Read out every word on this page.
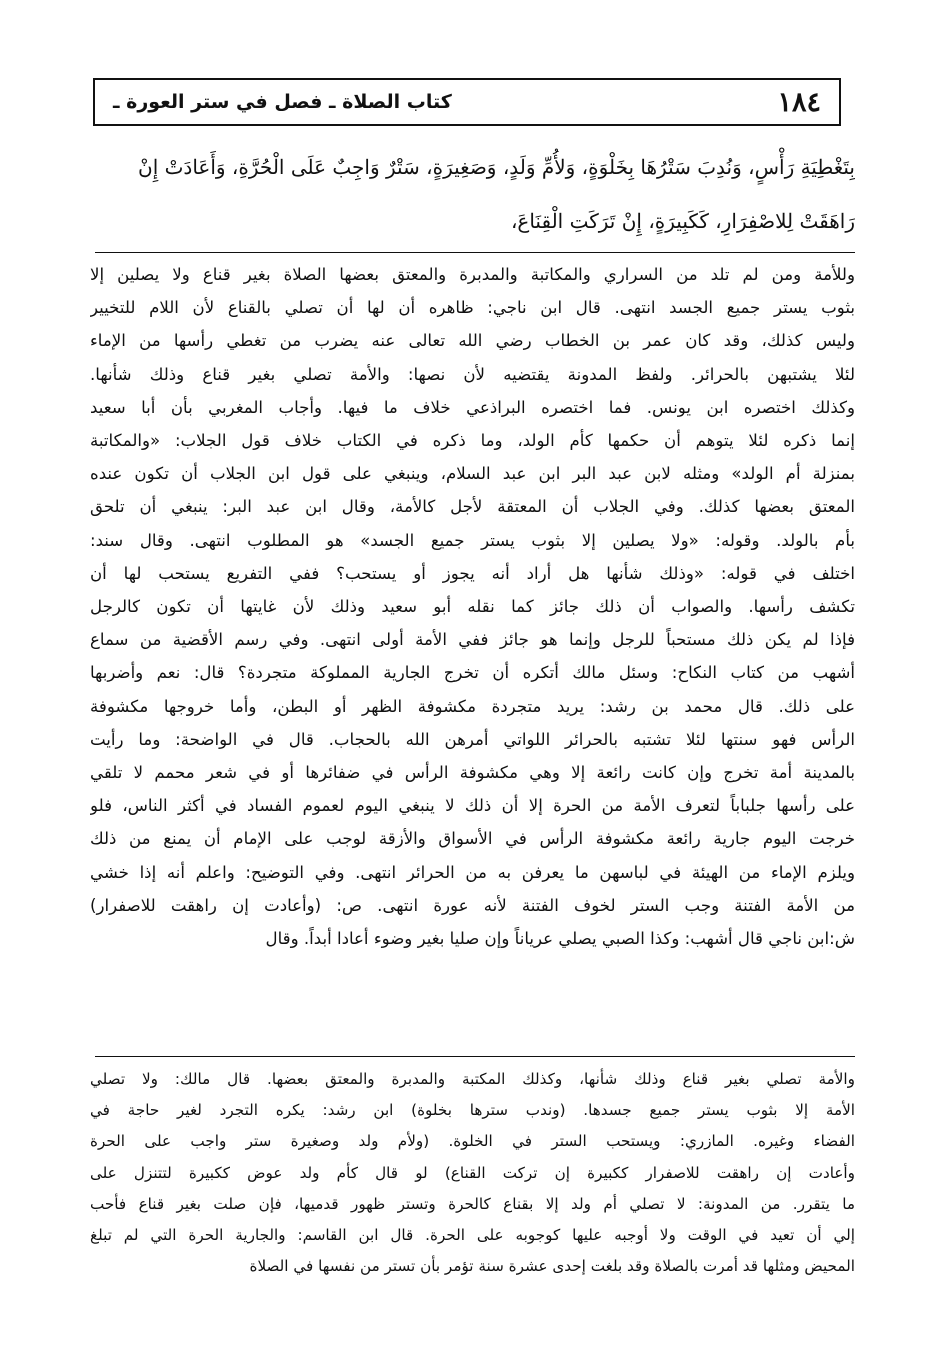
١٨٤
كتاب الصلاة ـ فصل في ستر العورة ـ
بِتَغْطِيَةِ رَأْسٍ، وَنُدِبَ سَتْرُهَا بِخَلْوَةٍ، وَلأُمِّ وَلَدٍ، وَصَغِيرَةٍ، سَتْرٌ وَاجِبٌ عَلَى الْحُرَّةِ، وَأَعَادَتْ إِنْ
رَاهَقَتْ لِلاصْفِرَارِ، كَكَبِيرَةٍ، إِنْ تَرَكَتِ الْقِنَاعَ،
وللأمة ومن لم تلد من السراري والمكاتبة والمدبرة والمعتق بعضها الصلاة بغير قناع ولا يصلين إلا
بثوب يستر جميع الجسد انتهى. قال ابن ناجي: ظاهره أن لها أن تصلي بالقناع لأن اللام للتخيير
وليس كذلك، وقد كان عمر بن الخطاب رضي الله تعالى عنه يضرب من تغطي رأسها من الإماء
لئلا يشتبهن بالحرائر. ولفظ المدونة يقتضيه لأن نصها: والأمة تصلي بغير قناع وذلك شأنها.
وكذلك اختصره ابن يونس. فما اختصره البراذعي خلاف ما فيها. وأجاب المغربي بأن أبا سعيد
إنما ذكره لئلا يتوهم أن حكمها كأم الولد، وما ذكره في الكتاب خلاف قول الجلاب: «والمكاتبة
بمنزلة أم الولد» ومثله لابن عبد البر ابن عبد السلام، وينبغي على قول ابن الجلاب أن تكون عنده
المعتق بعضها كذلك. وفي الجلاب أن المعتقة لأجل كالأمة، وقال ابن عبد البر: ينبغي أن تلحق
بأم بالولد. وقوله: «ولا يصلين إلا بثوب يستر جميع الجسد» هو المطلوب انتهى. وقال سند:
اختلف في قوله: «وذلك شأنها هل أراد أنه يجوز أو يستحب؟ ففي التفريع يستحب لها أن
تكشف رأسها. والصواب أن ذلك جائز كما نقله أبو سعيد وذلك لأن غايتها أن تكون كالرجل
فإذا لم يكن ذلك مستحباً للرجل وإنما هو جائز ففي الأمة أولى انتهى. وفي رسم الأقضية من سماع
أشهب من كتاب النكاح: وسئل مالك أتكره أن تخرج الجارية المملوكة متجردة؟ قال: نعم وأضربها
على ذلك. قال محمد بن رشد: يريد متجردة مكشوفة الظهر أو البطن، وأما خروجها مكشوفة
الرأس فهو سنتها لئلا تشتبه بالحرائر اللواتي أمرهن الله بالحجاب. قال في الواضحة: وما رأيت
بالمدينة أمة تخرج وإن كانت رائعة إلا وهي مكشوفة الرأس في ضفائرها أو في شعر محمم لا تلقي
على رأسها جلباباً لتعرف الأمة من الحرة إلا أن ذلك لا ينبغي اليوم لعموم الفساد في أكثر الناس، فلو
خرجت اليوم جارية رائعة مكشوفة الرأس في الأسواق والأزقة لوجب على الإمام أن يمنع من ذلك
ويلزم الإماء من الهيئة في لباسهن ما يعرفن به من الحرائر انتهى. وفي التوضيح: واعلم أنه إذا خشي
من الأمة الفتنة وجب الستر لخوف الفتنة لأنه عورة انتهى. ص: (وأعادت إن راهقت للاصفرار)
ش:ابن ناجي قال أشهب: وكذا الصبي يصلي عرياناً وإن صليا بغير وضوء أعادا أبداً. وقال
والأمة تصلي بغير قناع وذلك شأنها، وكذلك المكتبة والمدبرة والمعتق بعضها. قال مالك: ولا تصلي
الأمة إلا بثوب يستر جميع جسدها. (وندب سترها بخلوة) ابن رشد: يكره التجرد لغير حاجة في
الفضاء وغيره. المازري: ويستحب الستر في الخلوة. (ولأم ولد وصغيرة ستر واجب على الحرة
وأعادت إن راهقت للاصفرار ككبيرة إن تركت القناع) لو قال كأم ولد عوض ككبيرة لتتنزل على
ما يتقرر. من المدونة: لا تصلي أم ولد إلا بقناع كالحرة وتستر ظهور قدميها، فإن صلت بغير قناع فأحب
إلي أن تعيد في الوقت ولا أوجبه عليها كوجوبه على الحرة. قال ابن القاسم: والجارية الحرة التي لم تبلغ
المحيض ومثلها قد أمرت بالصلاة وقد بلغت إحدى عشرة سنة تؤمر بأن تستر من نفسها في الصلاة
